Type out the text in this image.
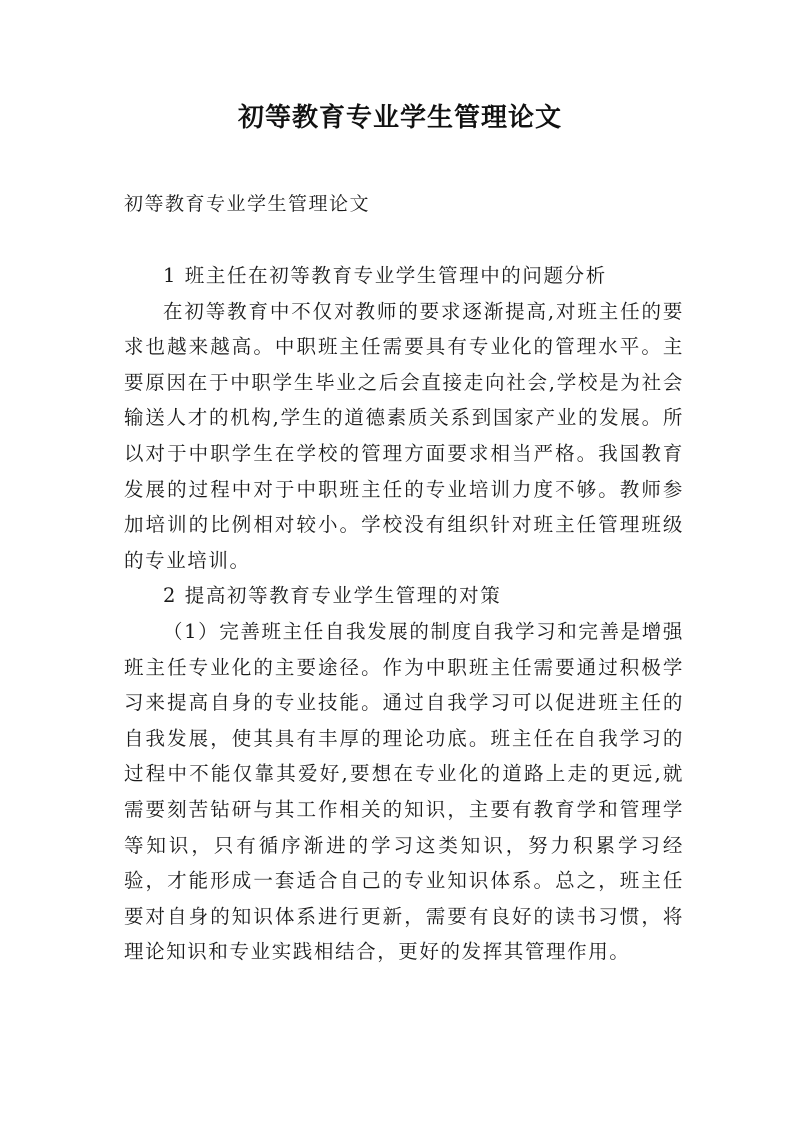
初等教育专业学生管理论文
初等教育专业学生管理论文

1 班主任在初等教育专业学生管理中的问题分析

在初等教育中不仅对教师的要求逐渐提高,对班主任的要求也越来越高。中职班主任需要具有专业化的管理水平。主要原因在于中职学生毕业之后会直接走向社会,学校是为社会输送人才的机构,学生的道德素质关系到国家产业的发展。所以对于中职学生在学校的管理方面要求相当严格。我国教育发展的过程中对于中职班主任的专业培训力度不够。教师参加培训的比例相对较小。学校没有组织针对班主任管理班级的专业培训。

2 提高初等教育专业学生管理的对策

（1）完善班主任自我发展的制度自我学习和完善是增强班主任专业化的主要途径。作为中职班主任需要通过积极学习来提高自身的专业技能。通过自我学习可以促进班主任的自我发展，使其具有丰厚的理论功底。班主任在自我学习的过程中不能仅靠其爱好,要想在专业化的道路上走的更远,就需要刻苦钻研与其工作相关的知识，主要有教育学和管理学等知识，只有循序渐进的学习这类知识，努力积累学习经验，才能形成一套适合自己的专业知识体系。总之，班主任要对自身的知识体系进行更新，需要有良好的读书习惯，将理论知识和专业实践相结合，更好的发挥其管理作用。
